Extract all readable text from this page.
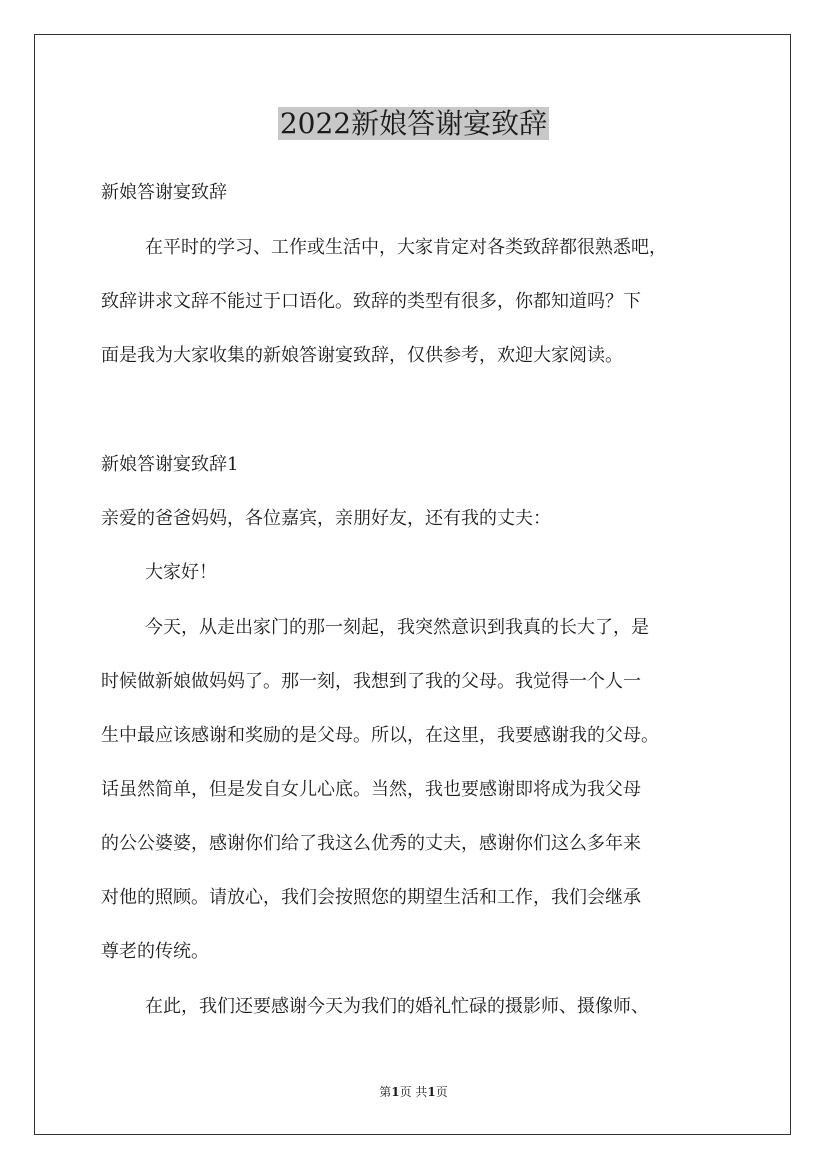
2022新娘答谢宴致辞

新娘答谢宴致辞

在平时的学习、工作或生活中，大家肯定对各类致辞都很熟悉吧，

致辞讲求文辞不能过于口语化。致辞的类型有很多，你都知道吗？下

面是我为大家收集的新娘答谢宴致辞，仅供参考，欢迎大家阅读。

新娘答谢宴致辞1

亲爱的爸爸妈妈，各位嘉宾，亲朋好友，还有我的丈夫：

大家好！

今天，从走出家门的那一刻起，我突然意识到我真的长大了，是

时候做新娘做妈妈了。那一刻，我想到了我的父母。我觉得一个人一

生中最应该感谢和奖励的是父母。所以，在这里，我要感谢我的父母。

话虽然简单，但是发自女儿心底。当然，我也要感谢即将成为我父母

的公公婆婆，感谢你们给了我这么优秀的丈夫，感谢你们这么多年来

对他的照顾。请放心，我们会按照您的期望生活和工作，我们会继承

尊老的传统。

在此，我们还要感谢今天为我们的婚礼忙碌的摄影师、摄像师、

第1页 共1页
